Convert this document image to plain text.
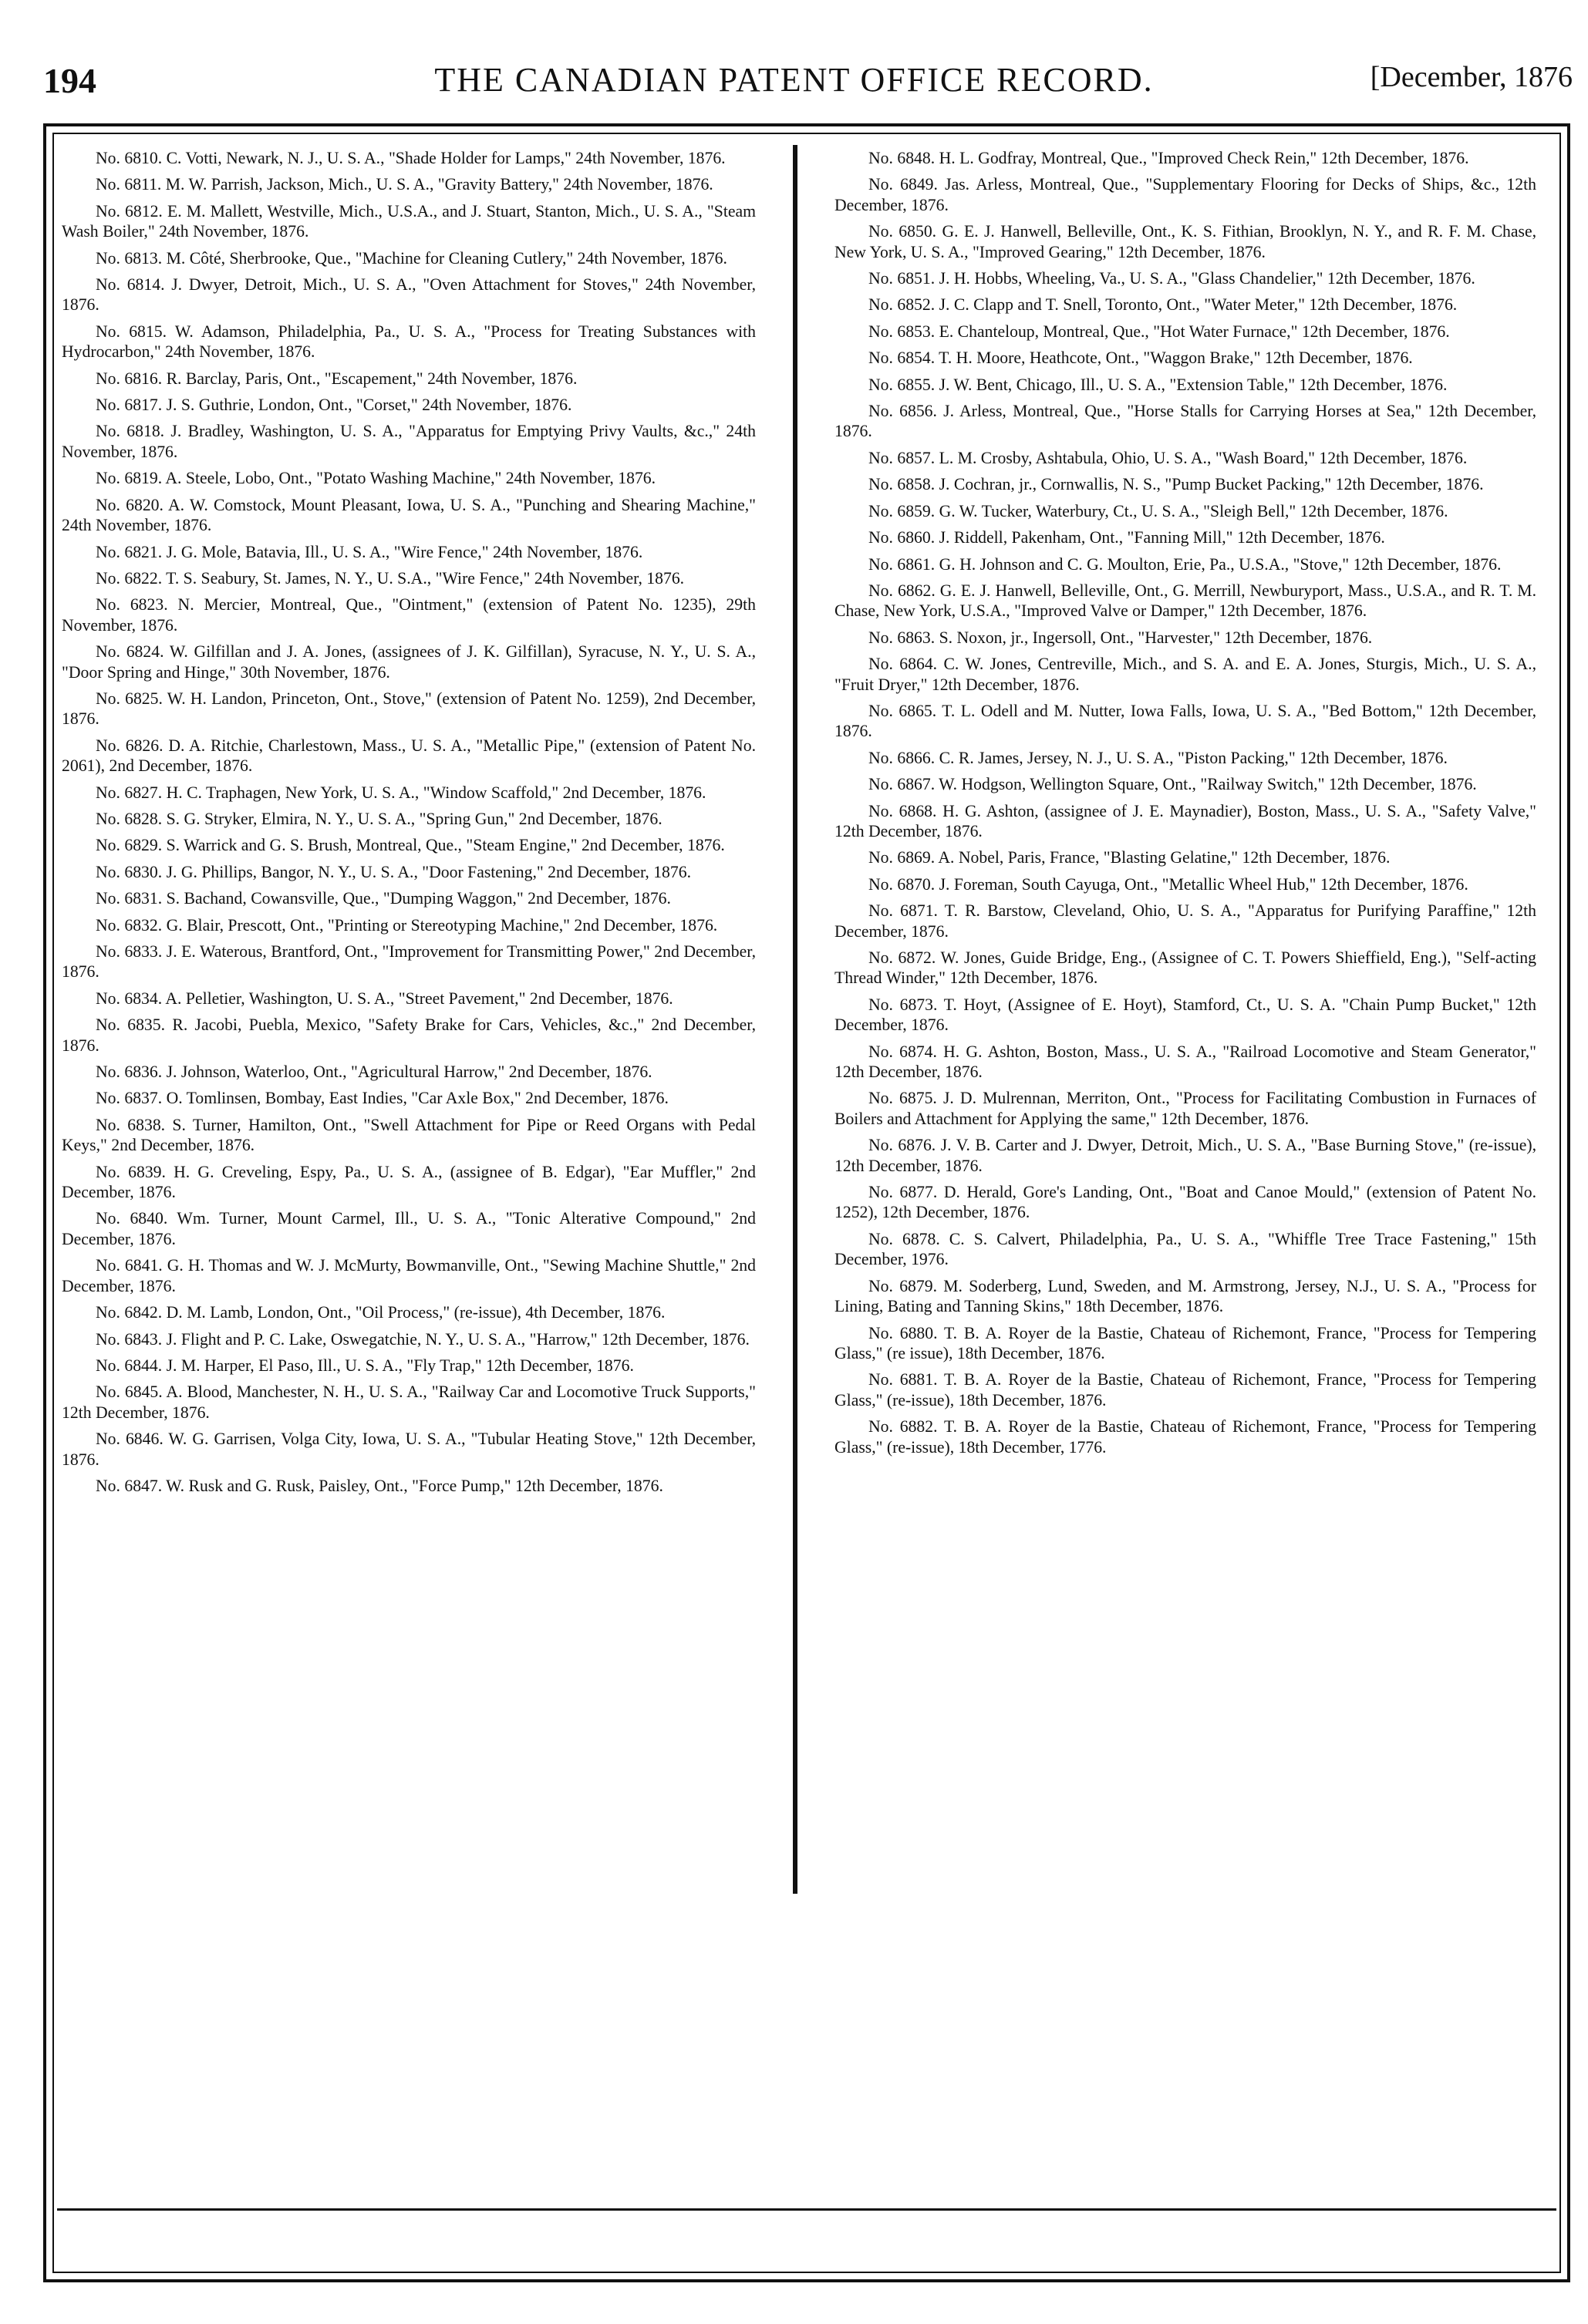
194	THE CANADIAN PATENT OFFICE RECORD.	[December, 1876

No. 6810. C. Votti, Newark, N. J., U. S. A., "Shade Holder for Lamps," 24th November, 1876.

No. 6811. M. W. Parrish, Jackson, Mich., U. S. A., "Gravity Battery," 24th November, 1876.

No. 6812. E. M. Mallett, Westville, Mich., U.S.A., and J. Stuart, Stanton, Mich., U. S. A., "Steam Wash Boiler," 24th November, 1876.

No. 6813. M. Côté, Sherbrooke, Que., "Machine for Cleaning Cutlery," 24th November, 1876.

No. 6814. J. Dwyer, Detroit, Mich., U. S. A., "Oven Attachment for Stoves," 24th November, 1876.

No. 6815. W. Adamson, Philadelphia, Pa., U. S. A., "Process for Treating Substances with Hydrocarbon," 24th November, 1876.

No. 6816. R. Barclay, Paris, Ont., "Escapement," 24th November, 1876.

No. 6817. J. S. Guthrie, London, Ont., "Corset," 24th November, 1876.

No. 6818. J. Bradley, Washington, U. S. A., "Apparatus for Emptying Privy Vaults, &c.," 24th November, 1876.

No. 6819. A. Steele, Lobo, Ont., "Potato Washing Machine," 24th November, 1876.

No. 6820. A. W. Comstock, Mount Pleasant, Iowa, U. S. A., "Punching and Shearing Machine," 24th November, 1876.

No. 6821. J. G. Mole, Batavia, Ill., U. S. A., "Wire Fence," 24th November, 1876.

No. 6822. T. S. Seabury, St. James, N. Y., U. S.A., "Wire Fence," 24th November, 1876.

No. 6823. N. Mercier, Montreal, Que., "Ointment," (extension of Patent No. 1235), 29th November, 1876.

No. 6824. W. Gilfillan and J. A. Jones, (assignees of J. K. Gilfillan), Syracuse, N. Y., U. S. A., "Door Spring and Hinge," 30th November, 1876.

No. 6825. W. H. Landon, Princeton, Ont., Stove," (extension of Patent No. 1259), 2nd December, 1876.

No. 6826. D. A. Ritchie, Charlestown, Mass., U. S. A., "Metallic Pipe," (extension of Patent No. 2061), 2nd December, 1876.

No. 6827. H. C. Traphagen, New York, U. S. A., "Window Scaffold," 2nd December, 1876.

No. 6828. S. G. Stryker, Elmira, N. Y., U. S. A., "Spring Gun," 2nd December, 1876.

No. 6829. S. Warrick and G. S. Brush, Montreal, Que., "Steam Engine," 2nd December, 1876.

No. 6830. J. G. Phillips, Bangor, N. Y., U. S. A., "Door Fastening," 2nd December, 1876.

No. 6831. S. Bachand, Cowansville, Que., "Dumping Waggon," 2nd December, 1876.

No. 6832. G. Blair, Prescott, Ont., "Printing or Stereotyping Machine," 2nd December, 1876.

No. 6833. J. E. Waterous, Brantford, Ont., "Improvement for Transmitting Power," 2nd December, 1876.

No. 6834. A. Pelletier, Washington, U. S. A., "Street Pavement," 2nd December, 1876.

No. 6835. R. Jacobi, Puebla, Mexico, "Safety Brake for Cars, Vehicles, &c.," 2nd December, 1876.

No. 6836. J. Johnson, Waterloo, Ont., "Agricultural Harrow," 2nd December, 1876.

No. 6837. O. Tomlinsen, Bombay, East Indies, "Car Axle Box," 2nd December, 1876.

No. 6838. S. Turner, Hamilton, Ont., "Swell Attachment for Pipe or Reed Organs with Pedal Keys," 2nd December, 1876.

No. 6839. H. G. Creveling, Espy, Pa., U. S. A., (assignee of B. Edgar), "Ear Muffler," 2nd December, 1876.

No. 6840. Wm. Turner, Mount Carmel, Ill., U. S. A., "Tonic Alterative Compound," 2nd December, 1876.

No. 6841. G. H. Thomas and W. J. McMurty, Bowmanville, Ont., "Sewing Machine Shuttle," 2nd December, 1876.

No. 6842. D. M. Lamb, London, Ont., "Oil Process," (re-issue), 4th December, 1876.

No. 6843. J. Flight and P. C. Lake, Oswegatchie, N. Y., U. S. A., "Harrow," 12th December, 1876.

No. 6844. J. M. Harper, El Paso, Ill., U. S. A., "Fly Trap," 12th December, 1876.

No. 6845. A. Blood, Manchester, N. H., U. S. A., "Railway Car and Locomotive Truck Supports," 12th December, 1876.

No. 6846. W. G. Garrisen, Volga City, Iowa, U. S. A., "Tubular Heating Stove," 12th December, 1876.

No. 6847. W. Rusk and G. Rusk, Paisley, Ont., "Force Pump," 12th December, 1876.

No. 6848. H. L. Godfray, Montreal, Que., "Improved Check Rein," 12th December, 1876.

No. 6849. Jas. Arless, Montreal, Que., "Supplementary Flooring for Decks of Ships, &c., 12th December, 1876.

No. 6850. G. E. J. Hanwell, Belleville, Ont., K. S. Fithian, Brooklyn, N. Y., and R. F. M. Chase, New York, U. S. A., "Improved Gearing," 12th December, 1876.

No. 6851. J. H. Hobbs, Wheeling, Va., U. S. A., "Glass Chandelier," 12th December, 1876.

No. 6852. J. C. Clapp and T. Snell, Toronto, Ont., "Water Meter," 12th December, 1876.

No. 6853. E. Chanteloup, Montreal, Que., "Hot Water Furnace," 12th December, 1876.

No. 6854. T. H. Moore, Heathcote, Ont., "Waggon Brake," 12th December, 1876.

No. 6855. J. W. Bent, Chicago, Ill., U. S. A., "Extension Table," 12th December, 1876.

No. 6856. J. Arless, Montreal, Que., "Horse Stalls for Carrying Horses at Sea," 12th December, 1876.

No. 6857. L. M. Crosby, Ashtabula, Ohio, U. S. A., "Wash Board," 12th December, 1876.

No. 6858. J. Cochran, jr., Cornwallis, N. S., "Pump Bucket Packing," 12th December, 1876.

No. 6859. G. W. Tucker, Waterbury, Ct., U. S. A., "Sleigh Bell," 12th December, 1876.

No. 6860. J. Riddell, Pakenham, Ont., "Fanning Mill," 12th December, 1876.

No. 6861. G. H. Johnson and C. G. Moulton, Erie, Pa., U.S.A., "Stove," 12th December, 1876.

No. 6862. G. E. J. Hanwell, Belleville, Ont., G. Merrill, Newburyport, Mass., U.S.A., and R. T. M. Chase, New York, U.S.A., "Improved Valve or Damper," 12th December, 1876.

No. 6863. S. Noxon, jr., Ingersoll, Ont., "Harvester," 12th December, 1876.

No. 6864. C. W. Jones, Centreville, Mich., and S. A. and E. A. Jones, Sturgis, Mich., U. S. A., "Fruit Dryer," 12th December, 1876.

No. 6865. T. L. Odell and M. Nutter, Iowa Falls, Iowa, U. S. A., "Bed Bottom," 12th December, 1876.

No. 6866. C. R. James, Jersey, N. J., U. S. A., "Piston Packing," 12th December, 1876.

No. 6867. W. Hodgson, Wellington Square, Ont., "Railway Switch," 12th December, 1876.

No. 6868. H. G. Ashton, (assignee of J. E. Maynadier), Boston, Mass., U. S. A., "Safety Valve," 12th December, 1876.

No. 6869. A. Nobel, Paris, France, "Blasting Gelatine," 12th December, 1876.

No. 6870. J. Foreman, South Cayuga, Ont., "Metallic Wheel Hub," 12th December, 1876.

No. 6871. T. R. Barstow, Cleveland, Ohio, U. S. A., "Apparatus for Purifying Paraffine," 12th December, 1876.

No. 6872. W. Jones, Guide Bridge, Eng., (Assignee of C. T. Powers Shieffield, Eng.), "Self-acting Thread Winder," 12th December, 1876.

No. 6873. T. Hoyt, (Assignee of E. Hoyt), Stamford, Ct., U. S. A. "Chain Pump Bucket," 12th December, 1876.

No. 6874. H. G. Ashton, Boston, Mass., U. S. A., "Railroad Locomotive and Steam Generator," 12th December, 1876.

No. 6875. J. D. Mulrennan, Merriton, Ont., "Process for Facilitating Combustion in Furnaces of Boilers and Attachment for Applying the same," 12th December, 1876.

No. 6876. J. V. B. Carter and J. Dwyer, Detroit, Mich., U. S. A., "Base Burning Stove," (re-issue), 12th December, 1876.

No. 6877. D. Herald, Gore's Landing, Ont., "Boat and Canoe Mould," (extension of Patent No. 1252), 12th December, 1876.

No. 6878. C. S. Calvert, Philadelphia, Pa., U. S. A., "Whiffle Tree Trace Fastening," 15th December, 1976.

No. 6879. M. Soderberg, Lund, Sweden, and M. Armstrong, Jersey, N.J., U. S. A., "Process for Lining, Bating and Tanning Skins," 18th December, 1876.

No. 6880. T. B. A. Royer de la Bastie, Chateau of Richemont, France, "Process for Tempering Glass," (re issue), 18th December, 1876.

No. 6881. T. B. A. Royer de la Bastie, Chateau of Richemont, France, "Process for Tempering Glass," (re-issue), 18th December, 1876.

No. 6882. T. B. A. Royer de la Bastie, Chateau of Richemont, France, "Process for Tempering Glass," (re-issue), 18th December, 1776.
